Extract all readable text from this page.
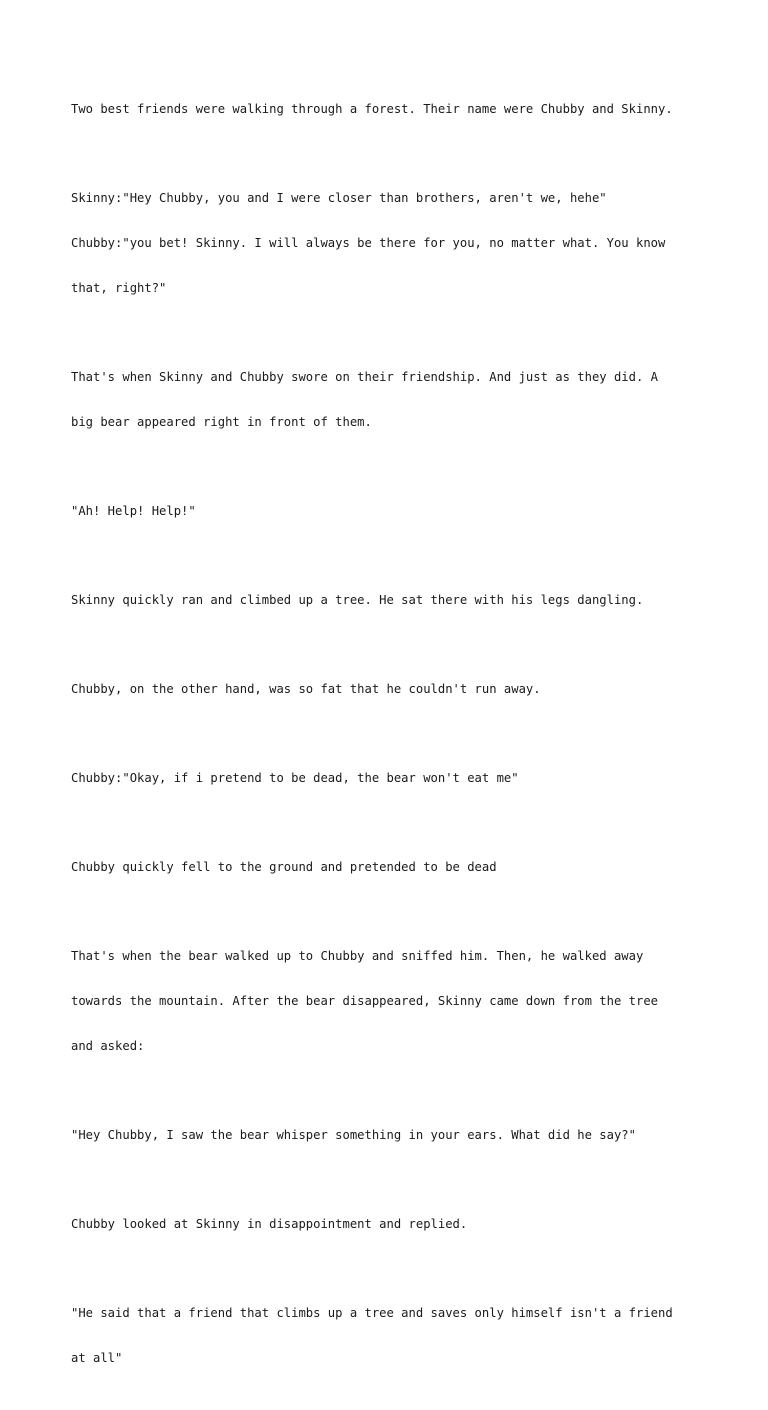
Two best friends were walking through a forest. Their name were Chubby and Skinny.

Skinny:"Hey Chubby, you and I were closer than brothers, aren't we, hehe"

Chubby:"you bet! Skinny. I will always be there for you, no matter what. You know

that, right?"

That's when Skinny and Chubby swore on their friendship. And just as they did. A

big bear appeared right in front of them.

"Ah! Help! Help!"

Skinny quickly ran and climbed up a tree. He sat there with his legs dangling.

Chubby, on the other hand, was so fat that he couldn't run away.

Chubby:"Okay, if i pretend to be dead, the bear won't eat me"

Chubby quickly fell to the ground and pretended to be dead

That's when the bear walked up to Chubby and sniffed him. Then, he walked away

towards the mountain. After the bear disappeared, Skinny came down from the tree

and asked:

"Hey Chubby, I saw the bear whisper something in your ears. What did he say?"

Chubby looked at Skinny in disappointment and replied.

"He said that a friend that climbs up a tree and saves only himself isn't a friend

at all"
